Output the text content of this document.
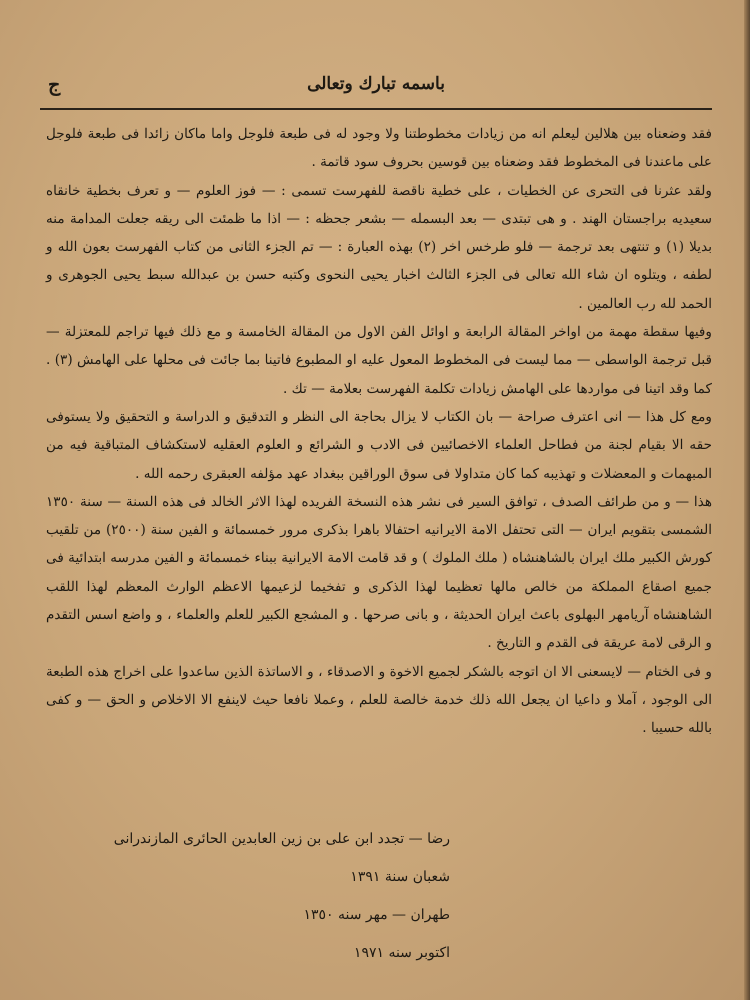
باسمه تبارك وتعالى
ج

فقد وضعناه بين هلالين ليعلم انه من زيادات مخطوطتنا ولا وجود له فى طبعة فلوجل واما ماكان زائدا فى طبعة فلوجل على ماعندنا فى المخطوط فقد وضعناه بين قوسين بحروف سود قاتمة .

ولقد عثرنا فى التحرى عن الخطيات ، على خطية ناقصة للفهرست تسمى : — فوز العلوم — و تعرف بخطية خانقاه سعيديه براجستان الهند . و هى تبتدى — بعد البسمله — بشعر جحظه : — اذا ما ظمئت الى ريقه جعلت المدامة منه بديلا (١) و تنتهى بعد ترجمة — فلو طرخس اخر (٢) بهذه العبارة : — تم الجزء الثانى من كتاب الفهرست بعون الله و لطفه ، ويتلوه ان شاء الله تعالى فى الجزء الثالث اخبار يحيى النحوى وكتبه حسن بن عبدالله سبط يحيى الجوهرى و الحمد لله رب العالمين .

وفيها سقطة مهمة من اواخر المقالة الرابعة و اوائل الفن الاول من المقالة الخامسة و مع ذلك فيها تراجم للمعتزلة — قبل ترجمة الواسطى — مما ليست فى المخطوط المعول عليه او المطبوع فاتينا بما جائت فى محلها على الهامش (٣) . كما وقد اتينا فى مواردها على الهامش زيادات تكلمة الفهرست بعلامة — تك .

ومع كل هذا — انى اعترف صراحة — بان الكتاب لا يزال بحاجة الى النظر و التدقيق و الدراسة و التحقيق ولا يستوفى حقه الا بقيام لجنة من فطاحل العلماء الاخصائيين فى الادب و الشرائع و العلوم العقليه لاستكشاف المتباقية فيه من المبهمات و المعضلات و تهذيبه كما كان متداولا فى سوق الوراقين ببغداد عهد مؤلفه العبقرى رحمه الله .

هذا — و من طرائف الصدف ، توافق السير فى نشر هذه النسخة الفريده لهذا الاثر الخالد فى هذه السنة — سنة ١٣٥٠ الشمسى بتقويم ايران — التى تحتفل الامة الايرانيه احتفالا باهرا بذكرى مرور خمسمائة و الفين سنة (٢٥٠٠) من تلقيب كورش الكبير ملك ايران بالشاهنشاه ( ملك الملوك ) و قد قامت الامة الايرانية ببناء خمسمائة و الفين مدرسه ابتدائية فى جميع اصقاع المملكة من خالص مالها تعظيما لهذا الذكرى و تفخيما لزعيمها الاعظم الوارث المعظم لهذا اللقب الشاهنشاه آريامهر البهلوى باعث ايران الحديثة ، و بانى صرحها . و المشجع الكبير للعلم والعلماء ، و واضع اسس التقدم و الرقى لامة عريقة فى القدم و التاريخ .

و فى الختام — لايسعنى الا ان اتوجه بالشكر لجميع الاخوة و الاصدقاء ، و الاساتذة الذين ساعدوا على اخراج هذه الطبعة الى الوجود ، آملا و داعيا ان يجعل الله ذلك خدمة خالصة للعلم ، وعملا نافعا حيث لاينفع الا الاخلاص و الحق — و كفى بالله حسيبا .

رضا — تجدد ابن على بن زين العابدين الحائرى المازندرانى
شعبان سنة ١٣٩١
طهران — مهر سنه ١٣٥٠
اكتوبر سنه ١٩٧١
